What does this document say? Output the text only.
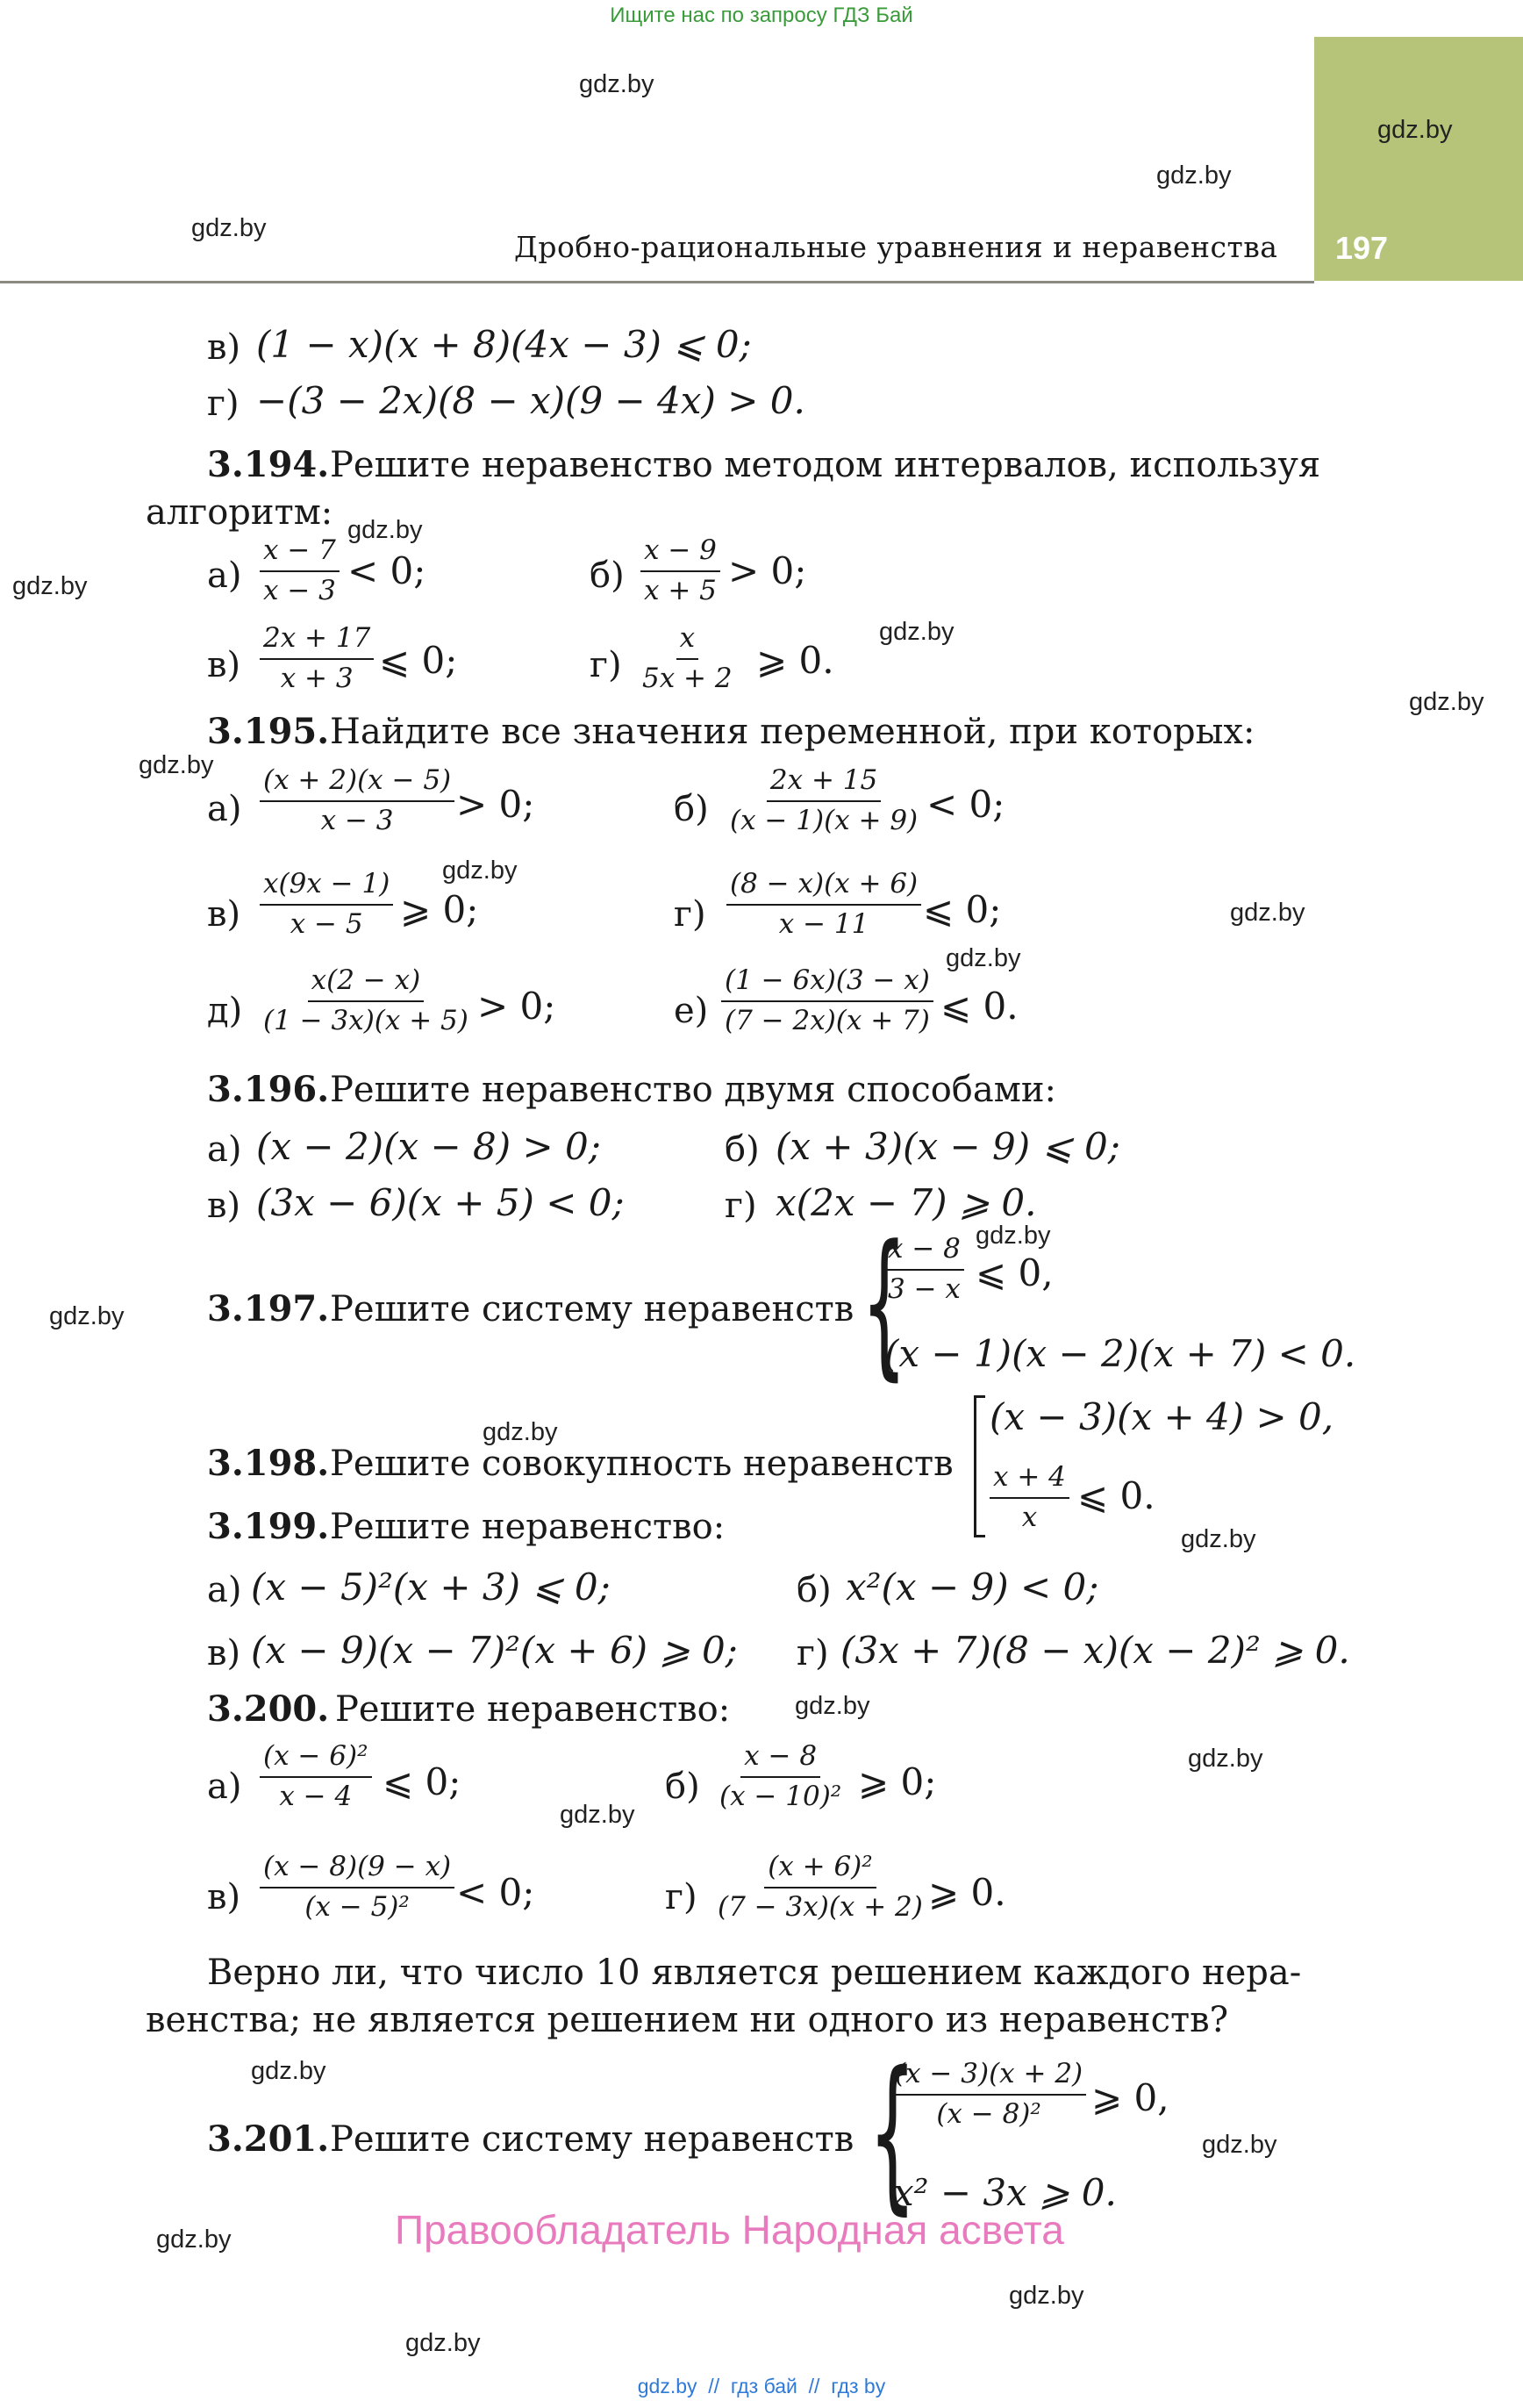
Ищите нас по запросу ГДЗ Бай
197
Дробно-рациональные уравнения и неравенства
gdz.by
gdz.by
gdz.by
gdz.by
gdz.by
gdz.by
gdz.by
gdz.by
gdz.by
gdz.by
gdz.by
gdz.by
gdz.by
gdz.by
gdz.by
gdz.by
gdz.by
gdz.by
gdz.by
gdz.by
gdz.by
gdz.by
gdz.by
gdz.by
в) (1 − x)(x + 8)(4x − 3) ⩽ 0;
г) −(3 − 2x)(8 − x)(9 − 4x) > 0.
3.194. Решите неравенство методом интервалов, используя
алгоритм:
$а) \frac{x - 7}{x - 3} < 0$;	$б) \frac{x - 9}{x + 5} > 0$;
$в) \frac{2x + 17}{x + 3}$ ⩽ 0;	$г) \frac{x}{5x + 2}$ ⩾ 0.
3.195. Найдите все значения переменной, при которых:
$а) \frac{(x + 2)(x - 5)}{x - 3} > 0$;	$б) \frac{2x + 15}{(x - 1)(x + 9)} < 0$;
$в) \frac{x(9x - 1)}{x - 5}$ ⩾ 0;	$г) \frac{(8 - x)(x + 6)}{x - 11}$ ⩽ 0;
$д) \frac{x(2 - x)}{(1 - 3x)(x + 5)} > 0$;	$е) \frac{(1 - 6x)(3 - x)}{(7 - 2x)(x + 7)}$ ⩽ 0.
3.196. Решите неравенство двумя способами:
а) (x − 2)(x − 8) > 0;	б) (x + 3)(x − 9) ⩽ 0;
в) (3x − 6)(x + 5) < 0;	г) x(2x − 7) ⩾ 0.
3.197. Решите систему неравенств {
$\frac{x - 8}{3 - x}$ ⩽ 0,
(x − 1)(x − 2)(x + 7) < 0.
3.198. Решите совокупность неравенств
(x − 3)(x + 4) > 0,
$\frac{x + 4}{x}$ ⩽ 0.
3.199. Решите неравенство:
а) (x − 5)²(x + 3) ⩽ 0;	б) x²(x − 9) < 0;
в) (x − 9)(x − 7)²(x + 6) ⩾ 0; г) (3x + 7)(8 − x)(x − 2)² ⩾ 0.
3.200. Решите неравенство:
$а) \frac{\text{(x − 6)²}}{x - 4}$ ⩽ 0;	$б) \frac{x - 8}{\text{(x − 10)²}}$ ⩾ 0;
$в) \frac{(x - 8)(9 - x)}{\text{(x − 5)²}} < 0$;	$г) \frac{\text{(x + 6)²}}{(7 - 3x)(x + 2)}$ ⩾ 0.
Верно ли, что число 10 является решением каждого нера-
венства; не является решением ни одного из неравенств?
3.201. Решите систему неравенств {
$\frac{(x - 3)(x + 2)}{\text{(x − 8)²}}$ ⩾ 0,
x² − 3x ⩾ 0.
Правообладатель Народная асвета
gdz.by  //  гдз бай  //  гдз by
